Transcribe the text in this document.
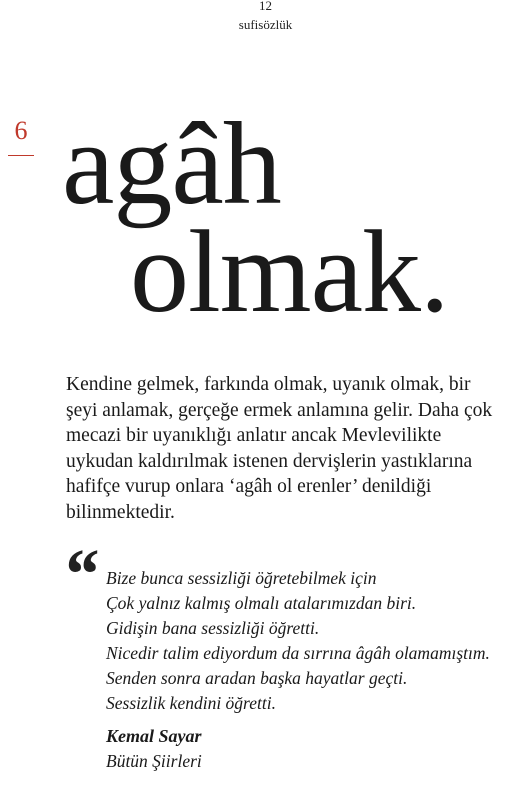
12
sufisözlük
6 agâh
olmak.

Kendine gelmek, farkında olmak, uyanık olmak, bir şeyi anlamak, gerçeğe ermek anlamına gelir. Daha çok mecazi bir uyanıklığı anlatır ancak Mevlevilikte uykudan kaldırılmak istenen dervişlerin yastıklarına hafifçe vurup onlara ‘agâh ol erenler’ denildiği bilinmektedir.

“ Bize bunca sessizliği öğretebilmek için
Çok yalnız kalmış olmalı atalarımızdan biri.
Gidişin bana sessizliği öğretti.
Nicedir talim ediyordum da sırrına âgâh olamamıştım.
Senden sonra aradan başka hayatlar geçti.
Sessizlik kendini öğretti.
Kemal Sayar
Bütün Şiirleri
